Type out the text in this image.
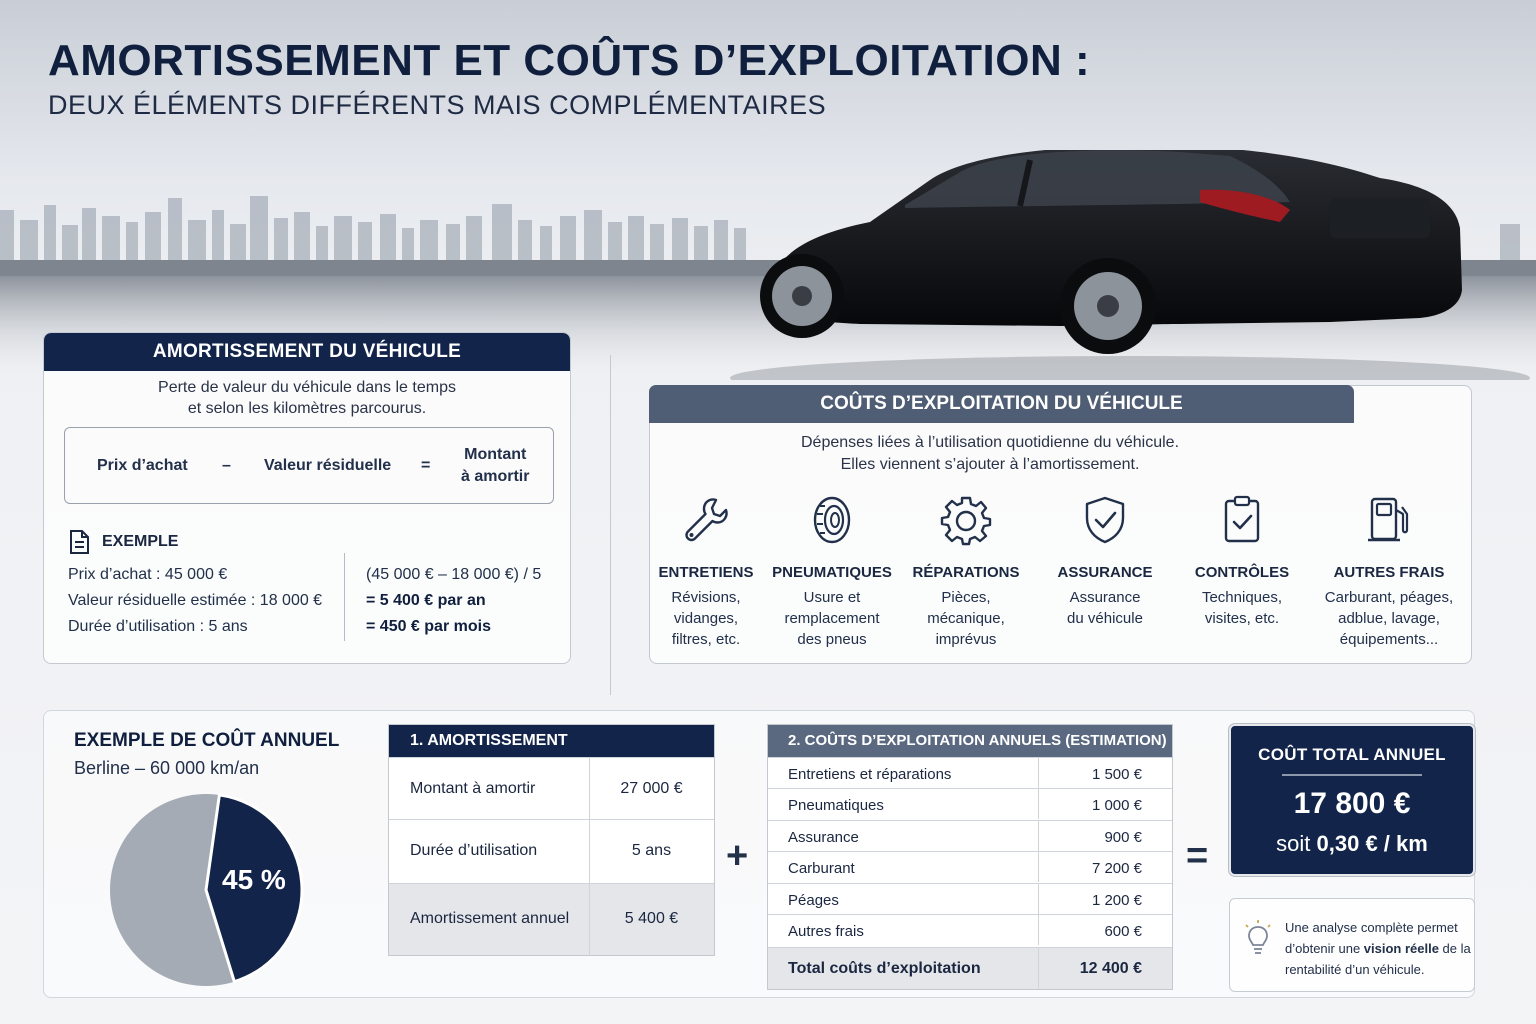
AMORTISSEMENT ET COÛTS D’EXPLOITATION :
DEUX ÉLÉMENTS DIFFÉRENTS MAIS COMPLÉMENTAIRES
AMORTISSEMENT DU VÉHICULE
Perte de valeur du véhicule dans le temps
et selon les kilomètres parcourus.
Prix d’achat – Valeur résiduelle =
Montant
à amortir
EXEMPLE
Prix d’achat : 45 000 €
Valeur résiduelle estimée : 18 000 €
Durée d’utilisation : 5 ans
(45 000 € – 18 000 €) / 5
= 5 400 € par an
= 450 € par mois
COÛTS D’EXPLOITATION DU VÉHICULE
Dépenses liées à l’utilisation quotidienne du véhicule.
Elles viennent s’ajouter à l’amortissement.
ENTRETIENS
Révisions,
vidanges,
filtres, etc.
PNEUMATIQUES
Usure et
remplacement
des pneus
RÉPARATIONS
Pièces,
mécanique,
imprévus
ASSURANCE
Assurance
du véhicule
CONTRÔLES
Techniques,
visites, etc.
AUTRES FRAIS
Carburant, péages,
adblue, lavage,
équipements...
EXEMPLE DE COÛT ANNUEL
Berline – 60 000 km/an
45 %
1. AMORTISSEMENT
Montant à amortir	27 000 €
Durée d’utilisation	5 ans
Amortissement annuel	5 400 €
+
2. COÛTS D’EXPLOITATION ANNUELS (ESTIMATION)
Entretiens et réparations	1 500 €
Pneumatiques	1 000 €
Assurance	900 €
Carburant	7 200 €
Péages	1 200 €
Autres frais	600 €
Total coûts d’exploitation	12 400 €
=
COÛT TOTAL ANNUEL
17 800 €
soit 0,30 € / km
Une analyse complète permet d’obtenir une vision réelle de la rentabilité d’un véhicule.
